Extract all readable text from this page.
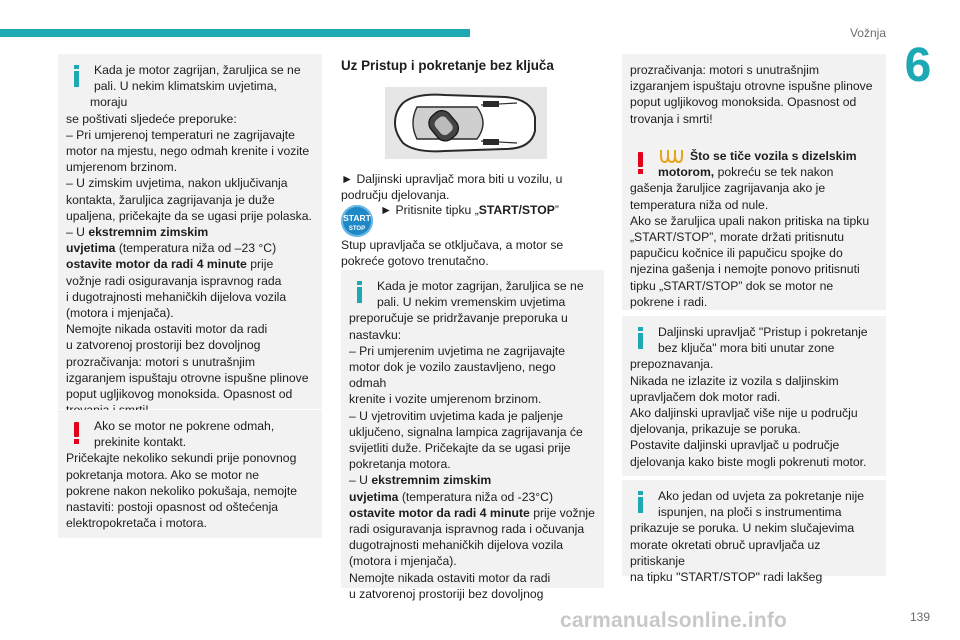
Vožnja
6

Kada je motor zagrijan, žaruljica se ne

pali. U nekim klimatskim uvjetima, moraju

se poštivati sljedeće preporuke:

– Pri umjerenoj temperaturi ne zagrijavajte

motor na mjestu, nego odmah krenite i vozite

umjerenom brzinom.

– U zimskim uvjetima, nakon uključivanja

kontakta, žaruljica zagrijavanja je duže

upaljena, pričekajte da se ugasi prije polaska.

– U ekstremnim zimskim

uvjetima (temperatura niža od –23 °C)

ostavite motor da radi 4 minute prije

vožnje radi osiguravanja ispravnog rada

i dugotrajnosti mehaničkih dijelova vozila

(motora i mjenjača).

Nemojte nikada ostaviti motor da radi

u zatvorenoj prostoriji bez dovoljnog

prozračivanja: motori s unutrašnjim

izgaranjem ispuštaju otrovne ispušne plinove

poput ugljikovog monoksida. Opasnost od

Ako se motor ne pokrene odmah,

prekinite kontakt.

Pričekajte nekoliko sekundi prije ponovnog

pokretanja motora. Ako se motor ne

pokrene nakon nekoliko pokušaja, nemojte

nastaviti: postoji opasnost od oštećenja

elektropokretača i motora.

Uz Pristup i pokretanje bez ključa

► Daljinski upravljač mora biti u vozilu, u

području djelovanja.

START
STOP
► Pritisnite tipku „START/STOP”

Stup upravljača se otključava, a motor se

pokreće gotovo trenutačno.

Kada je motor zagrijan, žaruljica se ne

pali. U nekim vremenskim uvjetima

preporučuje se pridržavanje preporuka u

nastavku:

– Pri umjerenim uvjetima ne zagrijavajte

motor dok je vozilo zaustavljeno, nego odmah

krenite i vozite umjerenom brzinom.

– U vjetrovitim uvjetima kada je paljenje

uključeno, signalna lampica zagrijavanja će

svijetliti duže. Pričekajte da se ugasi prije

pokretanja motora.

– U ekstremnim zimskim

uvjetima (temperatura niža od -23°C)

ostavite motor da radi 4 minute prije vožnje

radi osiguravanja ispravnog rada i očuvanja

dugotrajnosti mehaničkih dijelova vozila

(motora i mjenjača).

Nemojte nikada ostaviti motor da radi

u zatvorenoj prostoriji bez dovoljnog

prozračivanja: motori s unutrašnjim

izgaranjem ispuštaju otrovne ispušne plinove

poput ugljikovog monoksida. Opasnost od

trovanja i smrti!

Što se tiče vozila s dizelskim

motorom, pokreću se tek nakon

gašenja žaruljice zagrijavanja ako je

temperatura niža od nule.

Ako se žaruljica upali nakon pritiska na tipku

„START/STOP”, morate držati pritisnutu

papučicu kočnice ili papučicu spojke do

njezina gašenja i nemojte ponovo pritisnuti

tipku „START/STOP” dok se motor ne

pokrene i radi.

Daljinski upravljač "Pristup i pokretanje

bez ključa" mora biti unutar zone

prepoznavanja.

Nikada ne izlazite iz vozila s daljinskim

upravljačem dok motor radi.

Ako daljinski upravljač više nije u području

djelovanja, prikazuje se poruka.

Postavite daljinski upravljač u područje

djelovanja kako biste mogli pokrenuti motor.

Ako jedan od uvjeta za pokretanje nije

ispunjen, na ploči s instrumentima

prikazuje se poruka. U nekim slučajevima

morate okretati obruč upravljača uz pritiskanje

na tipku "START/STOP" radi lakšeg

carmanualsonline.info	139
